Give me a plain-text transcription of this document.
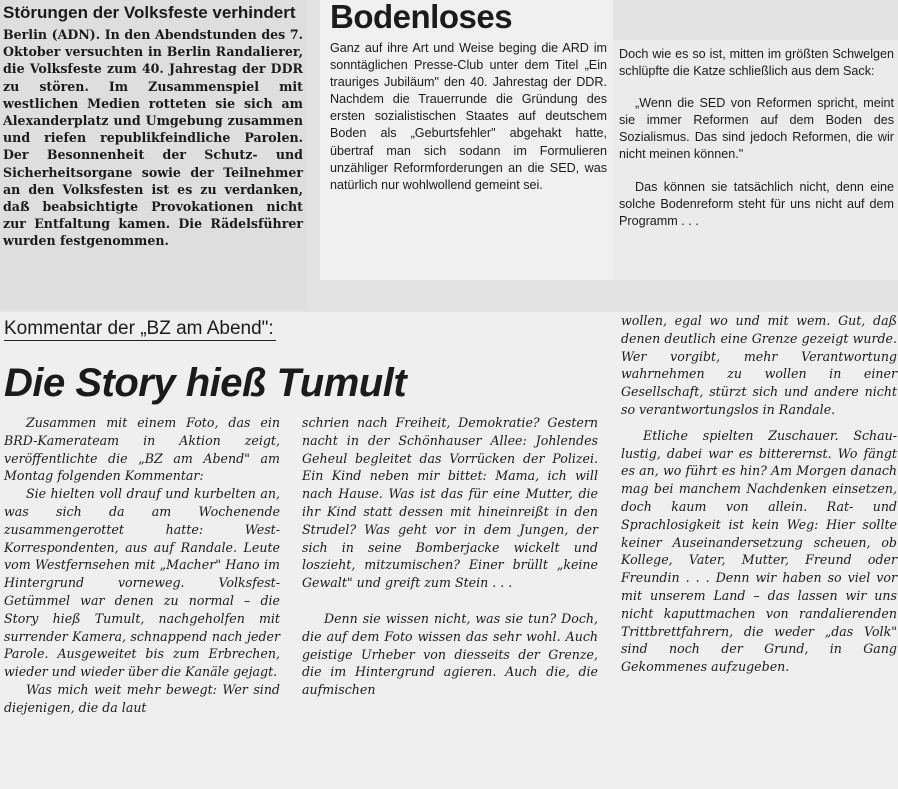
Störungen der Volksfeste verhindert

Berlin (ADN). In den Abendstunden des 7. Oktober versuchten in Berlin Randalierer, die Volksfeste zum 40. Jahrestag der DDR zu stören. Im Zusammenspiel mit westlichen Medien rotteten sie sich am Alexanderplatz und Umgebung zusammen und riefen republikfeindliche Parolen. Der Besonnenheit der Schutz- und Sicherheitsorgane sowie der Teilnehmer an den Volksfesten ist es zu verdanken, daß beabsichtigte Provokationen nicht zur Entfaltung kamen. Die Rädelsführer wurden festgenommen.

Bodenloses

Ganz auf ihre Art und Weise beging die ARD im sonntäglichen Presse-Club unter dem Titel „Ein trauriges Jubiläum" den 40. Jahrestag der DDR. Nachdem die Trauerrunde die Gründung des ersten sozialistischen Staates auf deutschem Boden als „Geburtsfehler" abgehakt hatte, übertraf man sich sodann im Formulieren unzähliger Reformforderungen an die SED, was natürlich nur wohlwollend gemeint sei.

Doch wie es so ist, mitten im größten Schwelgen schlüpfte die Katze schließlich aus dem Sack:

„Wenn die SED von Reformen spricht, meint sie immer Reformen auf dem Boden des Sozialismus. Das sind jedoch Reformen, die wir nicht meinen können."

Das können sie tatsächlich nicht, denn eine solche Bodenreform steht für uns nicht auf dem Programm . . .

Kommentar der „BZ am Abend":
Die Story hieß Tumult

Zusammen mit einem Foto, das ein BRD-Kamerateam in Aktion zeigt, veröffentlichte die „BZ am Abend" am Montag folgenden Kommentar:

Sie hielten voll drauf und kurbelten an, was sich da am Wochenende zusammengerottet hatte: West-Korrespondenten, aus auf Randale. Leute vom Westfernsehen mit „Macher" Hano im Hintergrund vorneweg. Volksfest-Getümmel war denen zu normal – die Story hieß Tumult, nachgeholfen mit surrender Kamera, schnappend nach jeder Parole. Ausgeweitet bis zum Erbrechen, wieder und wieder über die Kanäle gejagt.

Was mich weit mehr bewegt: Wer sind diejenigen, die da laut

schrien nach Freiheit, Demokratie? Gestern nacht in der Schönhauser Allee: Johlendes Geheul begleitet das Vorrücken der Polizei. Ein Kind neben mir bittet: Mama, ich will nach Hause. Was ist das für eine Mutter, die ihr Kind statt dessen mit hineinreißt in den Strudel? Was geht vor in dem Jungen, der sich in seine Bomberjacke wickelt und loszieht, mitzumischen? Einer brüllt „keine Gewalt" und greift zum Stein . . .

Denn sie wissen nicht, was sie tun? Doch, die auf dem Foto wissen das sehr wohl. Auch geistige Urheber von diesseits der Grenze, die im Hintergrund agieren. Auch die, die aufmischen

wollen, egal wo und mit wem. Gut, daß denen deutlich eine Grenze gezeigt wurde. Wer vorgibt, mehr Verantwortung wahrnehmen zu wollen in einer Gesellschaft, stürzt sich und andere nicht so verantwortungslos in Randale.

Etliche spielten Zuschauer. Schau-lustig, dabei war es bitterernst. Wo fängt es an, wo führt es hin? Am Morgen danach mag bei manchem Nachdenken einsetzen, doch kaum von allein. Rat- und Sprachlosigkeit ist kein Weg: Hier sollte keiner Auseinandersetzung scheuen, ob Kollege, Vater, Mutter, Freund oder Freundin . . . Denn wir haben so viel vor mit unserem Land – das lassen wir uns nicht kaputtmachen von randalierenden Trittbrettfahrern, die weder „das Volk" sind noch der Grund, in Gang Gekommenes aufzugeben.
